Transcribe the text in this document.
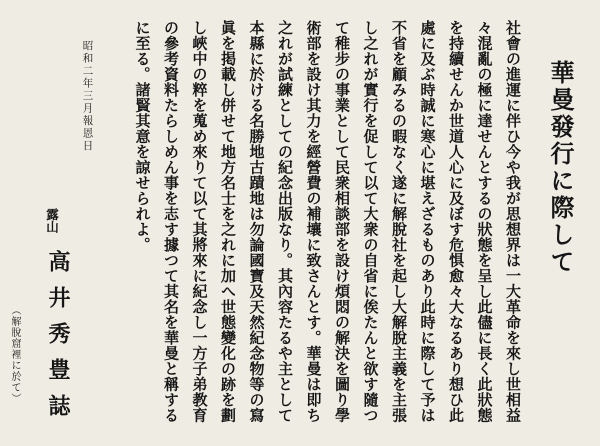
華曼發行に際して
社會の進運に伴ひ今や我が思想界は一大革命を來し世相益
々混亂の極に達せんとするの狀態を呈し此儘に長く此狀態
を持續せんか世道人心に及ぼす危惧愈々大なるあり想ひ此
處に及ぶ時誠に寒心に堪えざるものあり此時に際して予は
不省を顧みるの暇なく遂に解脫社を起し大解脫主義を主張
し之れが實行を促して以て大衆の自省に俟たんと欲す隨つ
て稚步の事業として民衆相談部を設け煩悶の解決を圖り學
術部を設け其力を經營費の補壤に致さんとす。華曼は即ち
之れが試練としての紀念出版なり。其內容たるや主として
本縣に於ける名勝地古蹟地は勿論國寶及天然紀念物等の寫
眞を掲載し併せて地方名士を之れに加へ世態變化の跡を劃
し峽中の粹を蒐め來りて以て其將來に紀念し一方子弟教育
の參考資料たらしめん事を志す據つて其名を華曼と稱する
に至る。諸賢其意を諒せられよ。
昭和二年三月報恩日
露山
高井秀豊誌
（解脫窟裡に於て）
